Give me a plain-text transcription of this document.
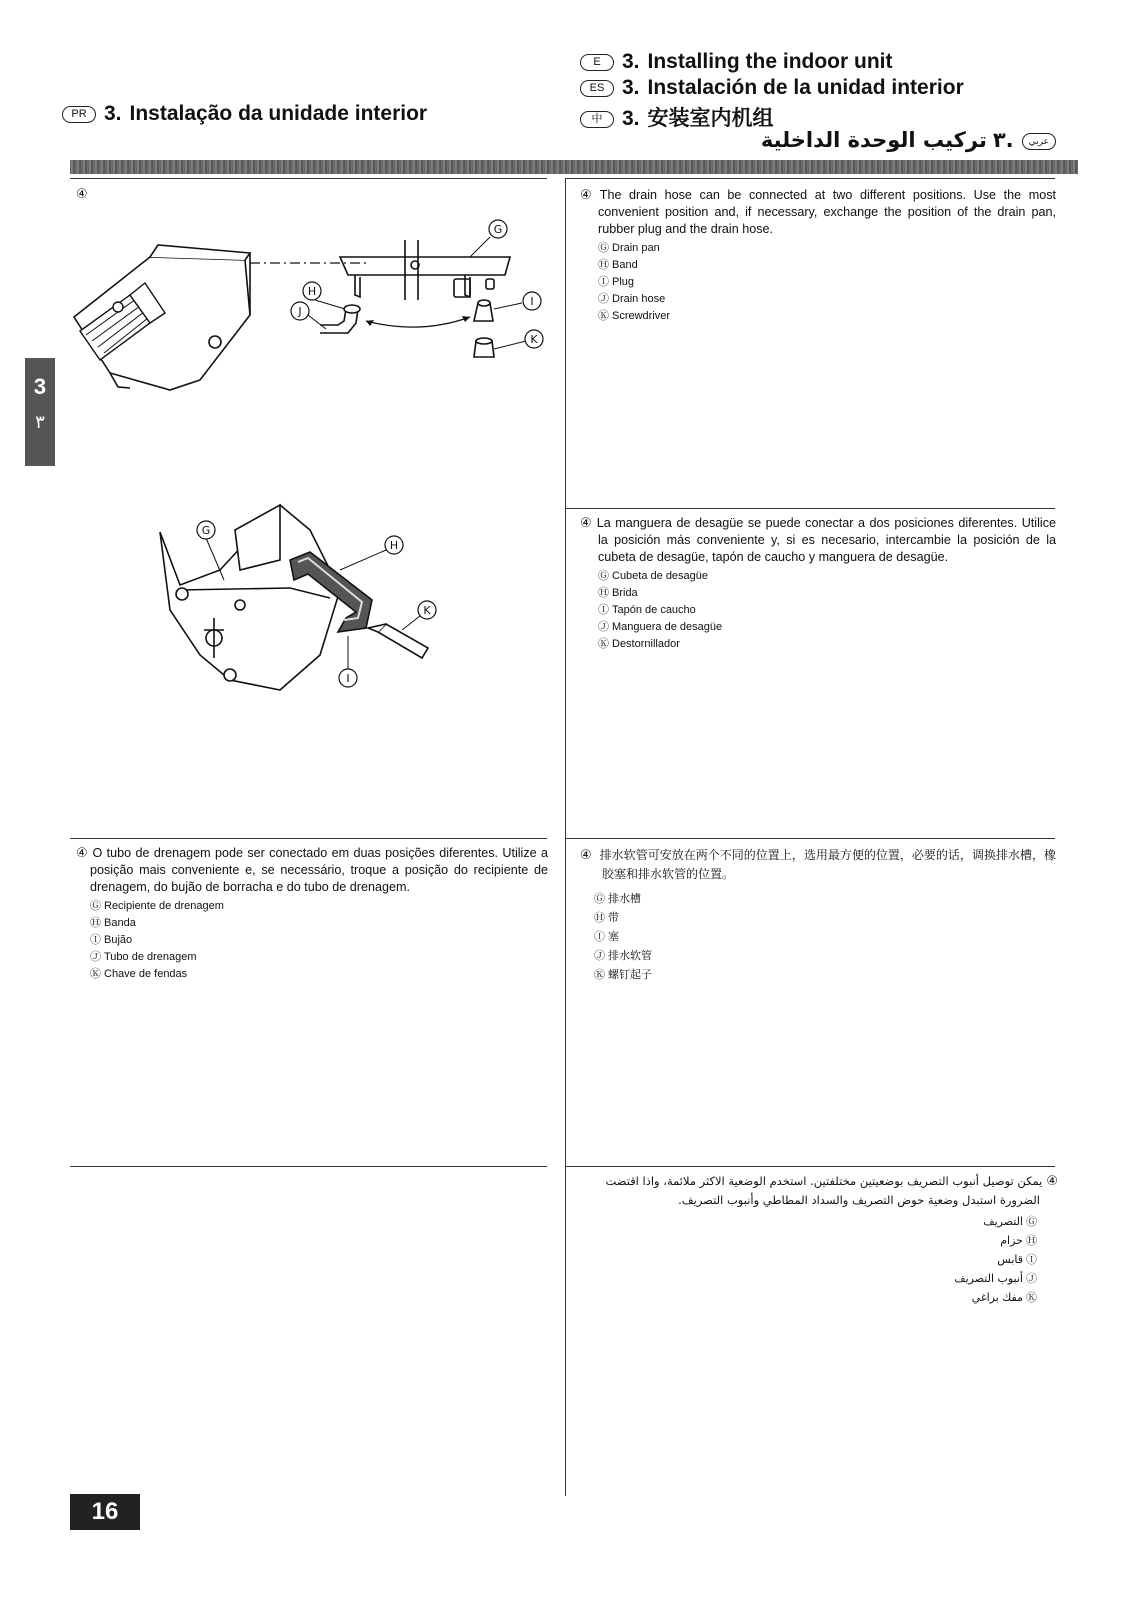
E 3. Installing the indoor unit
ES 3. Instalación de la unidad interior
中 3. 安装室内机组
PR 3. Instalação da unidade interior
عربي.٣تركيب الوحدة الداخلية
3
٣
④
G
H
J
I
K
G
H
K
I
④ The drain hose can be connected at two different positions. Use the most convenient position and, if necessary, exchange the position of the drain pan, rubber plug and the drain hose.
Ⓖ Drain pan
Ⓗ Band
Ⓘ Plug
Ⓙ Drain hose
Ⓚ Screwdriver
④ La manguera de desagüe se puede conectar a dos posiciones diferentes. Utilice la posición más conveniente y, si es necesario, intercambie la posición de la cubeta de desagüe, tapón de caucho y manguera de desagüe.
Ⓖ Cubeta de desagüe
Ⓗ Brida
Ⓘ Tapón de caucho
Ⓙ Manguera de desagüe
Ⓚ Destornillador
④ O tubo de drenagem pode ser conectado em duas posições diferentes. Utilize a posição mais conveniente e, se necessário, troque a posição do recipiente de drenagem, do bujão de borracha e do tubo de drenagem.
Ⓖ Recipiente de drenagem
Ⓗ Banda
Ⓘ Bujão
Ⓙ Tubo de drenagem
Ⓚ Chave de fendas
④ 排水软管可安放在两个不同的位置上，选用最方便的位置，必要的话，调换排水槽，橡胶塞和排水软管的位置。
Ⓖ 排水槽
Ⓗ 带
Ⓘ 塞
Ⓙ 排水软管
Ⓚ 螺钉起子
④يمكن توصيل أنبوب التصريف بوضعيتين مختلفتين. استخدم الوضعية الاكثر ملائمة، واذا اقتضت الضرورة استبدل وضعية حوض التصريف والسداد المطاطي وأنبوب التصريف.
Ⓖالتصريف
Ⓗحزام
Ⓘقابس
Ⓙأنبوب التصريف
Ⓚمفك براغي
16
